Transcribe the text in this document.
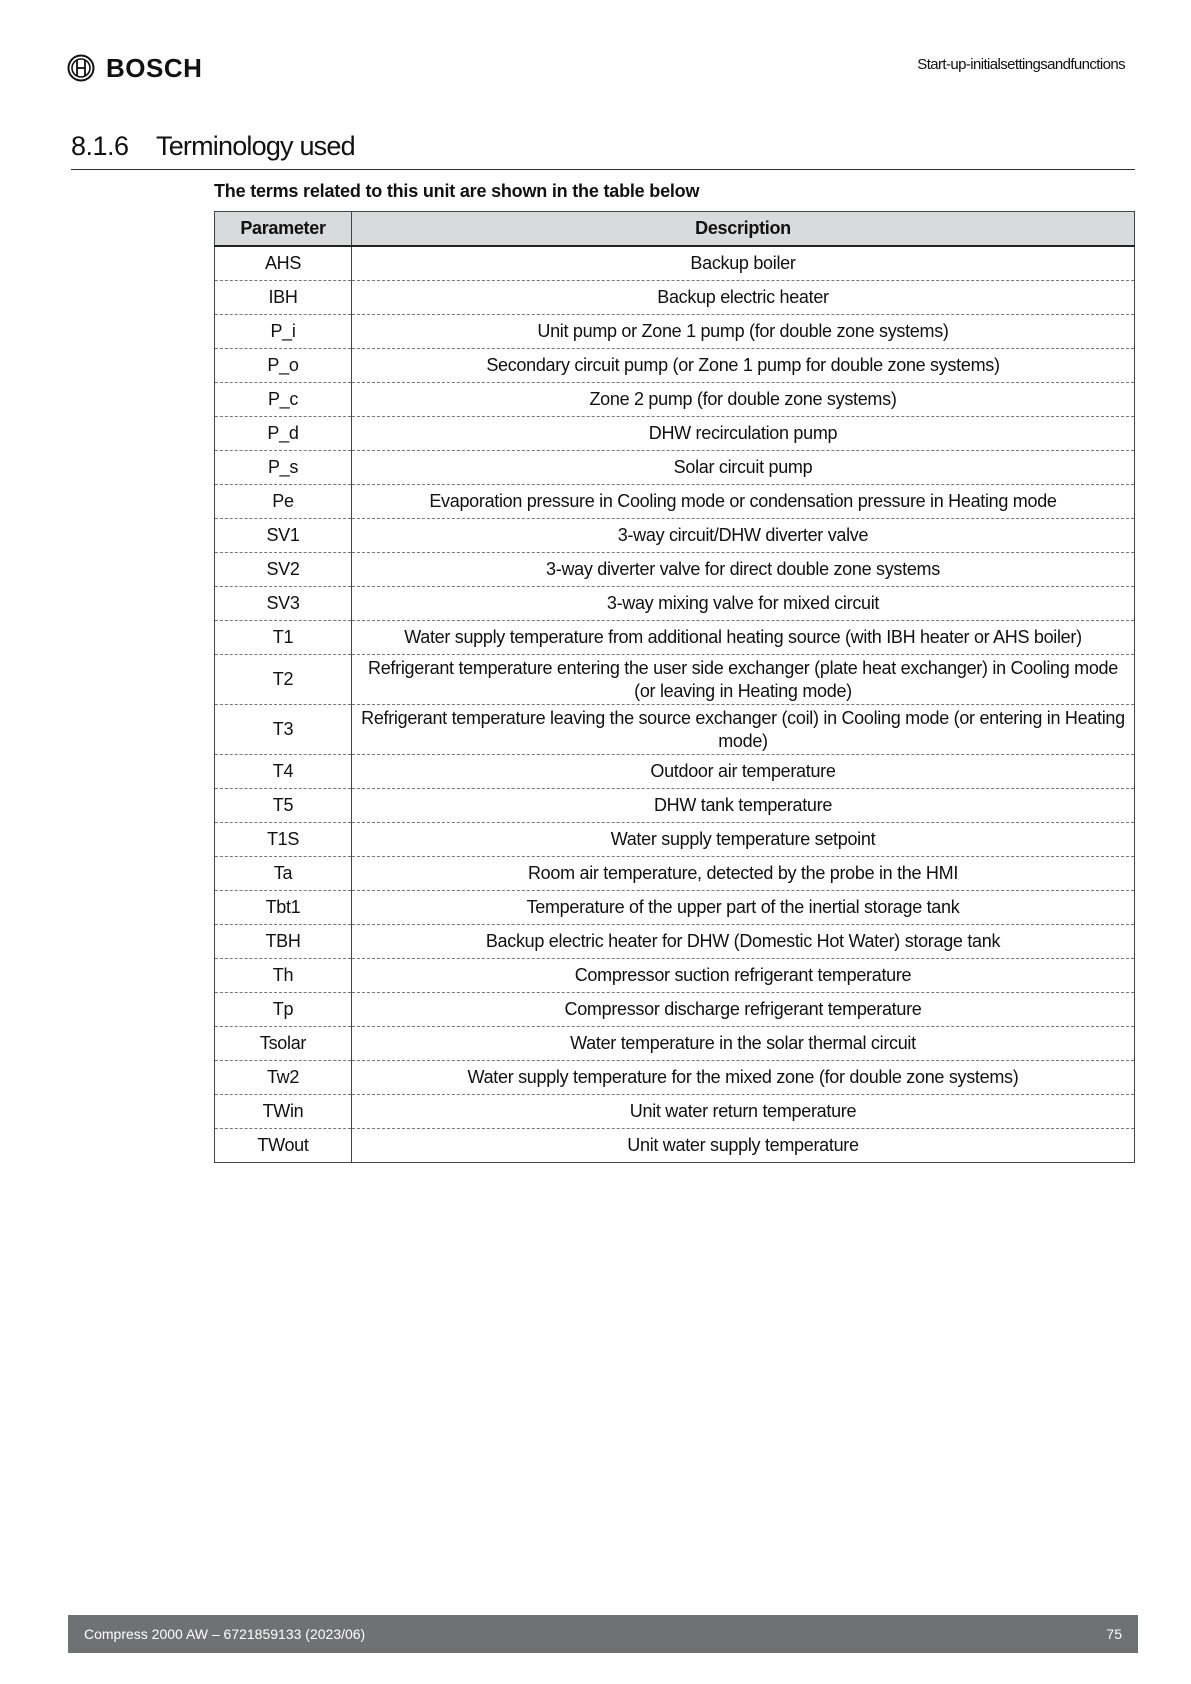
BOSCH	Start-up-initialsettingsandfunctions
8.1.6 Terminology used
The terms related to this unit are shown in the table below
Parameter	Description
AHS	Backup boiler
IBH	Backup electric heater
P_i	Unit pump or Zone 1 pump (for double zone systems)
P_o	Secondary circuit pump (or Zone 1 pump for double zone systems)
P_c	Zone 2 pump (for double zone systems)
P_d	DHW recirculation pump
P_s	Solar circuit pump
Pe	Evaporation pressure in Cooling mode or condensation pressure in Heating mode
SV1	3-way circuit/DHW diverter valve
SV2	3-way diverter valve for direct double zone systems
SV3	3-way mixing valve for mixed circuit
T1	Water supply temperature from additional heating source (with IBH heater or AHS boiler)
T2	Refrigerant temperature entering the user side exchanger (plate heat exchanger) in Cooling mode (or leaving in Heating mode)
T3	Refrigerant temperature leaving the source exchanger (coil) in Cooling mode (or entering in Heating mode)
T4	Outdoor air temperature
T5	DHW tank temperature
T1S	Water supply temperature setpoint
Ta	Room air temperature, detected by the probe in the HMI
Tbt1	Temperature of the upper part of the inertial storage tank
TBH	Backup electric heater for DHW (Domestic Hot Water) storage tank
Th	Compressor suction refrigerant temperature
Tp	Compressor discharge refrigerant temperature
Tsolar	Water temperature in the solar thermal circuit
Tw2	Water supply temperature for the mixed zone (for double zone systems)
TWin	Unit water return temperature
TWout	Unit water supply temperature
Compress 2000 AW – 6721859133 (2023/06)	75
